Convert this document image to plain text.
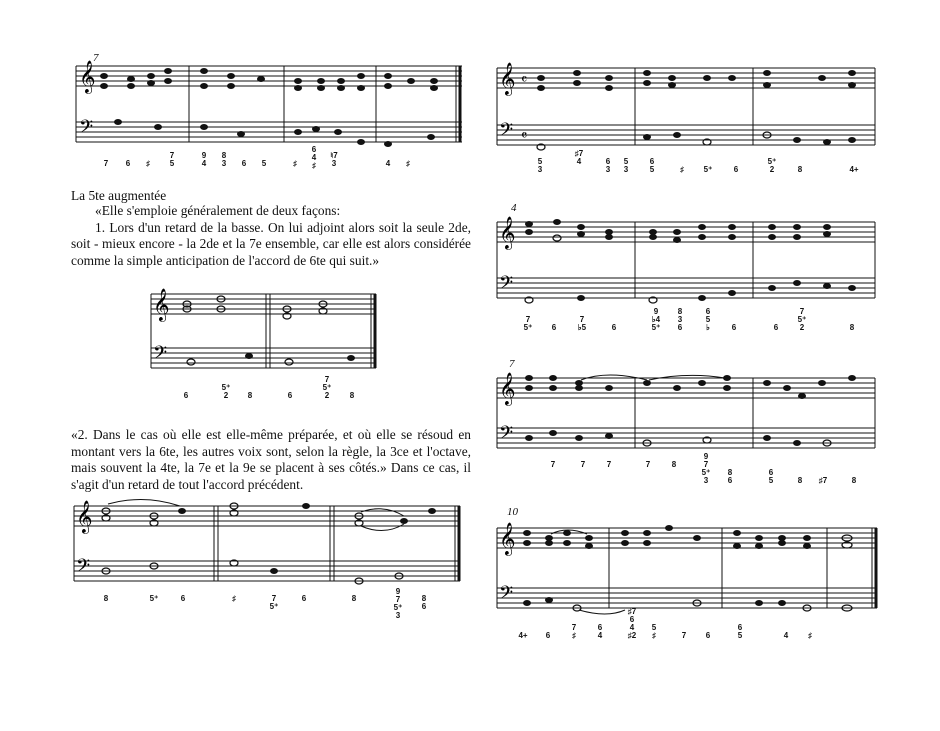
𝄞
𝄢
7
7	6	♯
7
5
9
4
8
3	6	5	♯
6
4
♯
♮7
3	4	♯
La 5te augmentée
«Elle s'emploie généralement de deux façons:
1. Lors d'un retard de la basse. On lui adjoint alors soit la seule 2de, soit - mieux encore - la 2de et la 7e ensemble, car elle est alors considérée comme la simple anticipation de l'accord de 6te qui suit.»
𝄞
𝄢
6
5⁺
2	8	6
7
5⁺
2	8
«2. Dans le cas où elle est elle-même préparée, et où elle se résoud en montant vers la 6te, les autres voix sont, selon la règle, la 3ce et l'octave, mais souvent la 4te, la 7e et la 9e se placent à ses côtés.» Dans ce cas, il s'agit d'un retard de tout l'accord précédent.
𝄞
𝄢
8	5⁺	6	♯	7
5⁺
6	8
9
7
5⁺
3
8
6
𝄞 𝄴
𝄢 𝄴
5
3
♯7
4	6
3
5
3
6
5	♯	5⁺	6
5⁺
2	8	4+
𝄞
𝄢
4
7
5⁺	6
7
♭5	6
9
♭4
5⁺
8
3
6
6
5
♭	6
7
5⁺
2	8
6
𝄞
𝄢
7
7	7	7	7	8
9
7
5⁺
3
8
6
6
5	8	♯7	8
𝄞
𝄢
10
4+	6
7
♯
6
4
♯7
6
4
♯2
5
♯	7	6
6
5	4	♯
